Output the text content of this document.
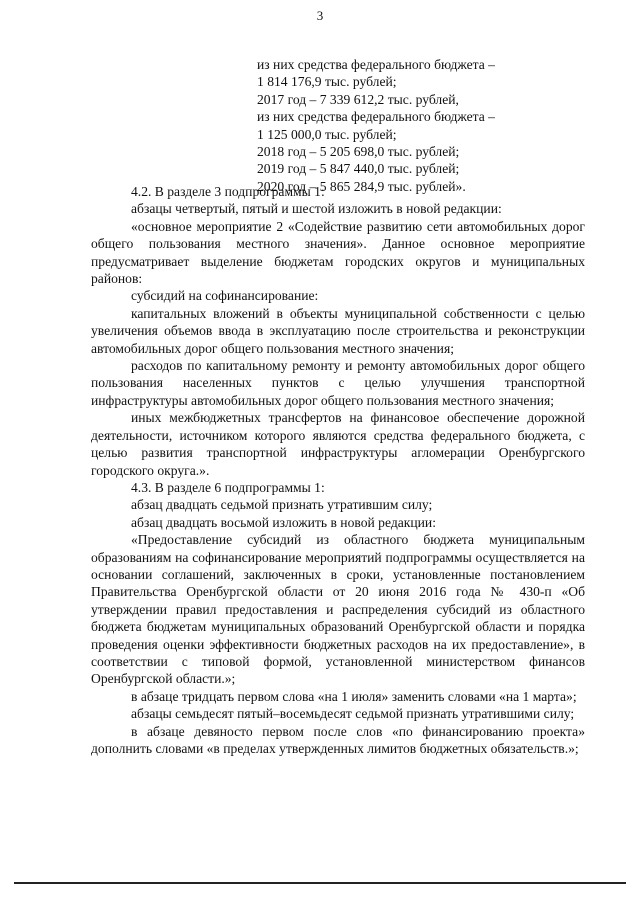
3
из них средства федерального бюджета –
1 814 176,9 тыс. рублей;
2017 год – 7 339 612,2 тыс. рублей,
из них средства федерального бюджета –
1 125 000,0 тыс. рублей;
2018 год – 5 205 698,0 тыс. рублей;
2019 год – 5 847 440,0 тыс. рублей;
2020 год – 5 865 284,9 тыс. рублей».

4.2. В разделе 3 подпрограммы 1:

абзацы четвертый, пятый и шестой изложить в новой редакции:

«основное мероприятие 2 «Содействие развитию сети автомобильных дорог общего пользования местного значения». Данное основное мероприятие предусматривает выделение бюджетам городских округов и муниципальных районов:

субсидий на софинансирование:

капитальных вложений в объекты муниципальной собственности с целью увеличения объемов ввода в эксплуатацию после строительства и реконструкции автомобильных дорог общего пользования местного значения;

расходов по капитальному ремонту и ремонту автомобильных дорог общего пользования населенных пунктов с целью улучшения транспортной инфраструктуры автомобильных дорог общего пользования местного значения;

иных межбюджетных трансфертов на финансовое обеспечение дорожной деятельности, источником которого являются средства федерального бюджета, с целью развития транспортной инфраструктуры агломерации Оренбургского городского округа.».

4.3. В разделе 6 подпрограммы 1:

абзац двадцать седьмой признать утратившим силу;

абзац двадцать восьмой изложить в новой редакции:

«Предоставление субсидий из областного бюджета муниципальным образованиям на софинансирование мероприятий подпрограммы осуществляется на основании соглашений, заключенных в сроки, установленные постановлением Правительства Оренбургской области от 20 июня 2016 года № 430-п «Об утверждении правил предоставления и распределения субсидий из областного бюджета бюджетам муниципальных образований Оренбургской области и порядка проведения оценки эффективности бюджетных расходов на их предоставление», в соответствии с типовой формой, установленной министерством финансов Оренбургской области.»;

в абзаце тридцать первом слова «на 1 июля» заменить словами «на 1 марта»;

абзацы семьдесят пятый–восемьдесят седьмой признать утратившими силу;

в абзаце девяносто первом после слов «по финансированию проекта» дополнить словами «в пределах утвержденных лимитов бюджетных обязательств.»;
